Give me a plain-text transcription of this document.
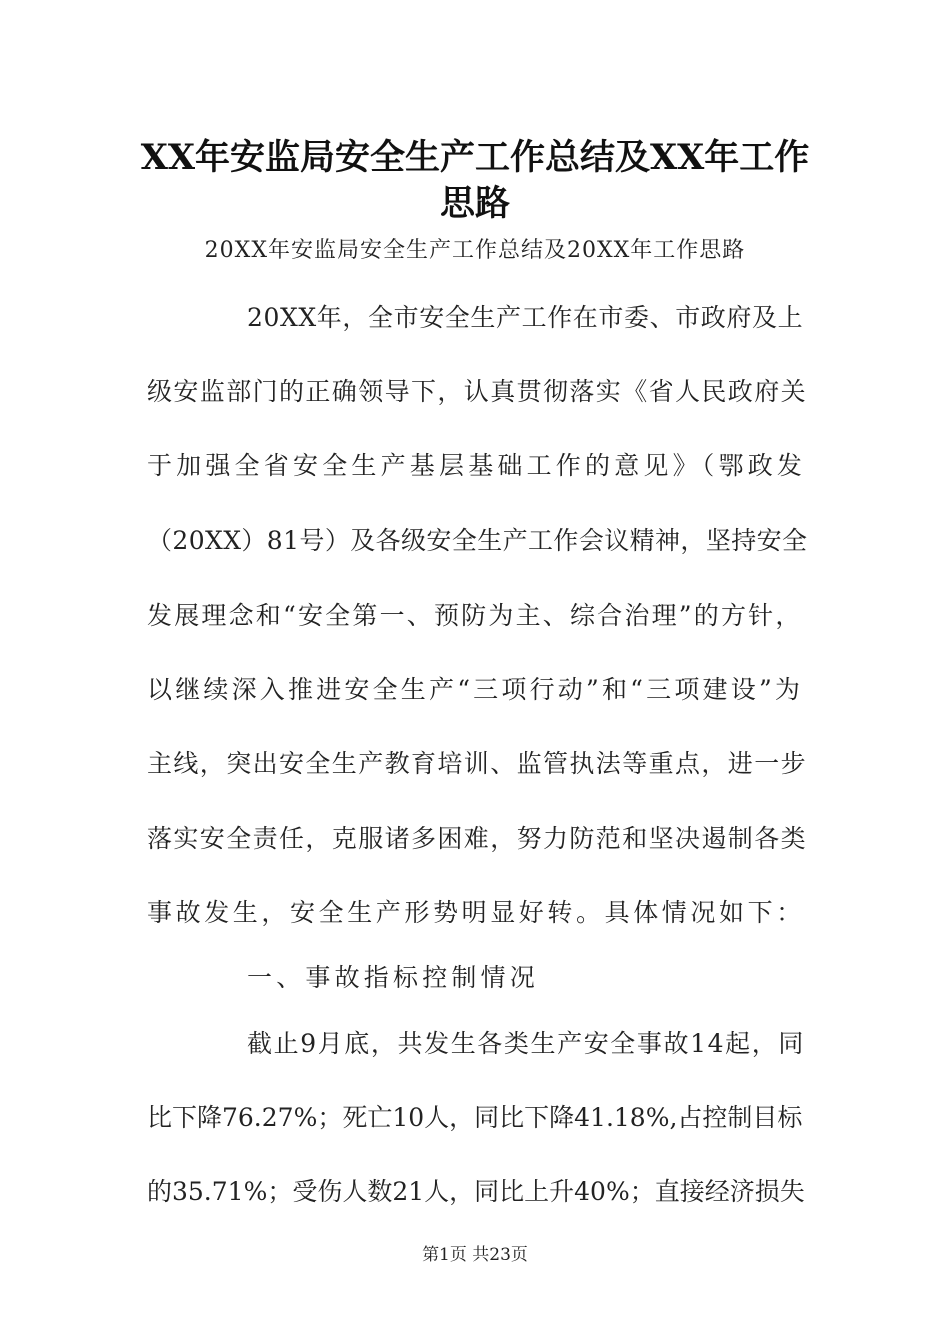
XX年安监局安全生产工作总结及XX年工作
思路
20XX年安监局安全生产工作总结及20XX年工作思路
20XX年，全市安全生产工作在市委、市政府及上
级安监部门的正确领导下，认真贯彻落实《省人民政府关
于加强全省安全生产基层基础工作的意见》（鄂政发
（20XX）81号）及各级安全生产工作会议精神，坚持安全
发展理念和“安全第一、预防为主、综合治理”的方针，
以继续深入推进安全生产“三项行动”和“三项建设”为
主线，突出安全生产教育培训、监管执法等重点，进一步
落实安全责任，克服诸多困难，努力防范和坚决遏制各类
事故发生，安全生产形势明显好转。具体情况如下：
一、事故指标控制情况
截止9月底，共发生各类生产安全事故14起，同
比下降76.27%；死亡10人，同比下降41.18%,占控制目标
的35.71%；受伤人数21人，同比上升40%；直接经济损失
第1页 共23页
